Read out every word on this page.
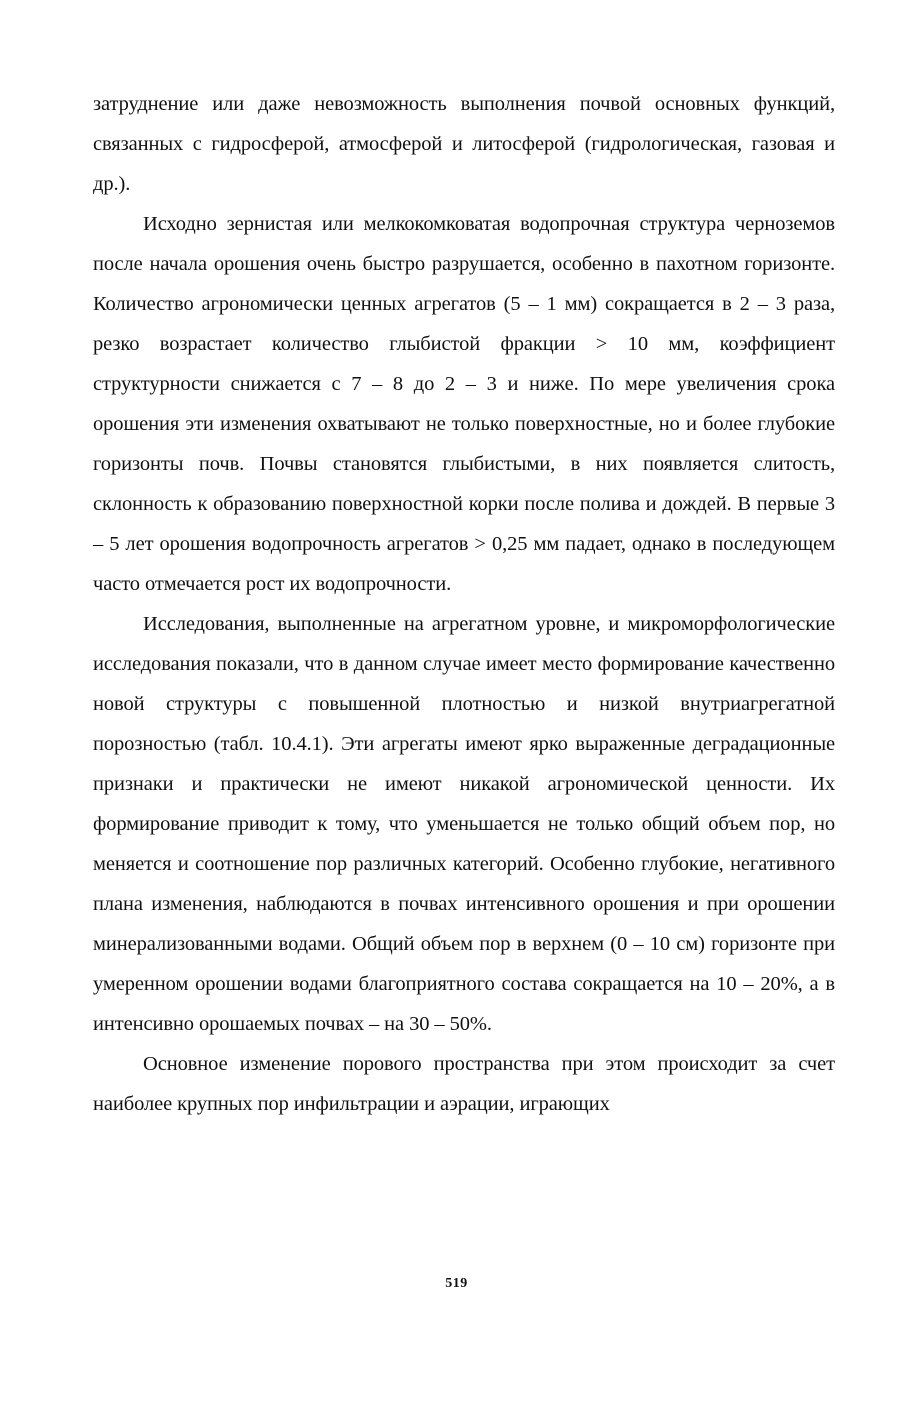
затруднение или даже невозможность выполнения почвой основных функций, связанных с гидросферой, атмосферой и литосферой (гидрологическая, газовая и др.).

Исходно зернистая или мелкокомковатая водопрочная структура черноземов после начала орошения очень быстро разрушается, особенно в пахотном горизонте. Количество агрономически ценных агрегатов (5 – 1 мм) сокращается в 2 – 3 раза, резко возрастает количество глыбистой фракции > 10 мм, коэффициент структурности снижается с 7 – 8 до 2 – 3 и ниже. По мере увеличения срока орошения эти изменения охватывают не только поверхностные, но и более глубокие горизонты почв. Почвы становятся глыбистыми, в них появляется слитость, склонность к образованию поверхностной корки после полива и дождей. В первые 3 – 5 лет орошения водопрочность агрегатов > 0,25 мм падает, однако в последующем часто отмечается рост их водопрочности.

Исследования, выполненные на агрегатном уровне, и микроморфологические исследования показали, что в данном случае имеет место формирование качественно новой структуры с повышенной плотностью и низкой внутриагрегатной порозностью (табл. 10.4.1). Эти агрегаты имеют ярко выраженные деградационные признаки и практически не имеют никакой агрономической ценности. Их формирование приводит к тому, что уменьшается не только общий объем пор, но меняется и соотношение пор различных категорий. Особенно глубокие, негативного плана изменения, наблюдаются в почвах интенсивного орошения и при орошении минерализованными водами. Общий объем пор в верхнем (0 – 10 см) горизонте при умеренном орошении водами благоприятного состава сокращается на 10 – 20%, а в интенсивно орошаемых почвах – на 30 – 50%.

Основное изменение порового пространства при этом происходит за счет наиболее крупных пор инфильтрации и аэрации, играющих

519
